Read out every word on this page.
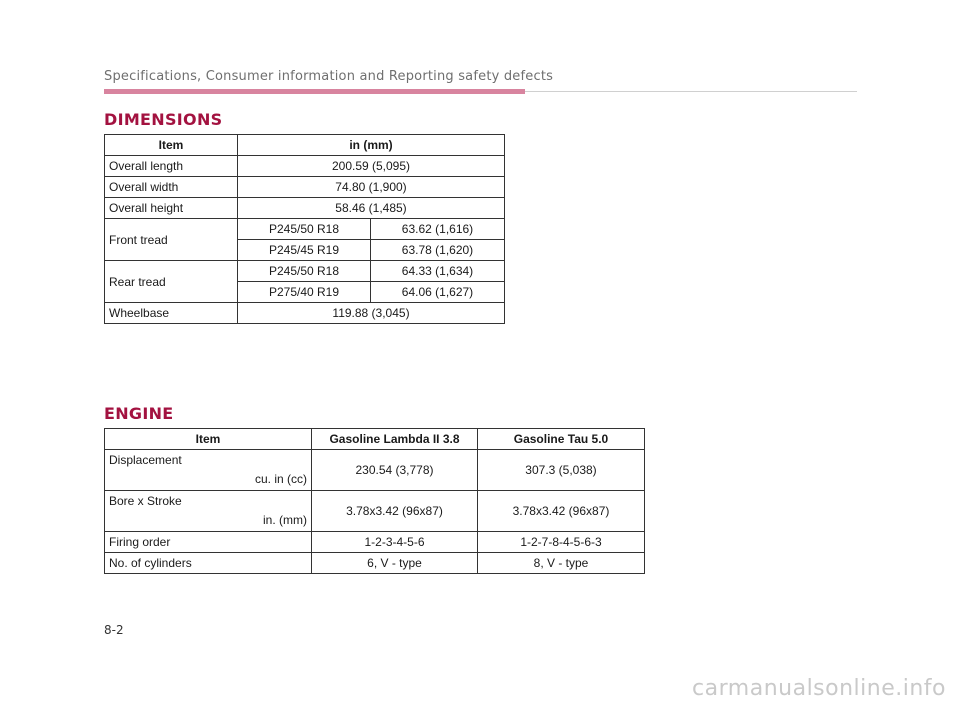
Specifications, Consumer information and Reporting safety defects
DIMENSIONS
Item	in (mm)	
Overall length	200.59 (5,095)	
Overall width	74.80 (1,900)	
Overall height	58.46 (1,485)	
Front tread	P245/50 R18	63.62 (1,616)
	P245/45 R19	63.78 (1,620)
Rear tread	P245/50 R18	64.33 (1,634)
	P275/40 R19	64.06 (1,627)
Wheelbase	119.88 (3,045)	
ENGINE
Item	Gasoline Lambda II 3.8	Gasoline Tau 5.0

Displacement
cu. in (cc)	230.54 (3,778)	307.3 (5,038)

Bore x Stroke
in. (mm)	3.78x3.42 (96x87)	3.78x3.42 (96x87)
Firing order	1-2-3-4-5-6	1-2-7-8-4-5-6-3
No. of cylinders	6, V - type	8, V - type
8-2
carmanualsonline.info
